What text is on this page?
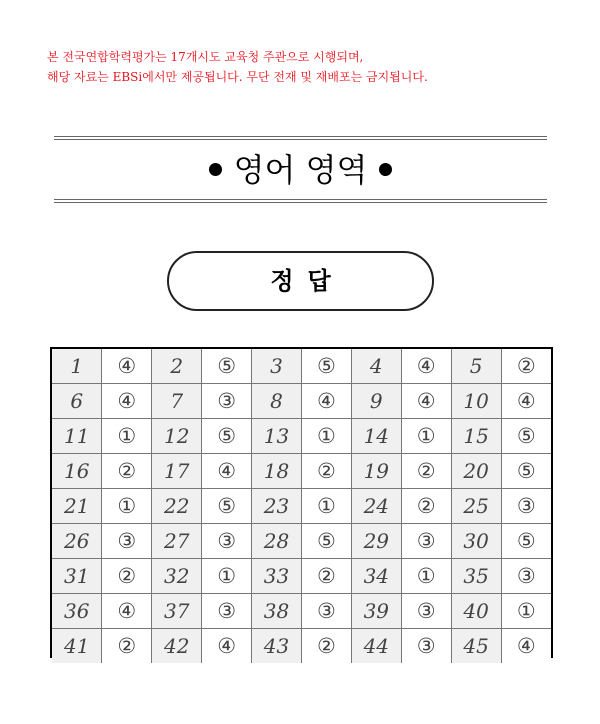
본 전국연합학력평가는 17개시도 교육청 주관으로 시행되며,
해당 자료는 EBSi에서만 제공됩니다. 무단 전재 및 재배포는 금지됩니다.
영어 영역
정답
1	④	2	⑤	3	⑤	4	④	5	②
6	④	7	③	8	④	9	④	10	④
11	①	12	⑤	13	①	14	①	15	⑤
16	②	17	④	18	②	19	②	20	⑤
21	①	22	⑤	23	①	24	②	25	③
26	③	27	③	28	⑤	29	③	30	⑤
31	②	32	①	33	②	34	①	35	③
36	④	37	③	38	③	39	③	40	①
41	②	42	④	43	②	44	③	45	④
